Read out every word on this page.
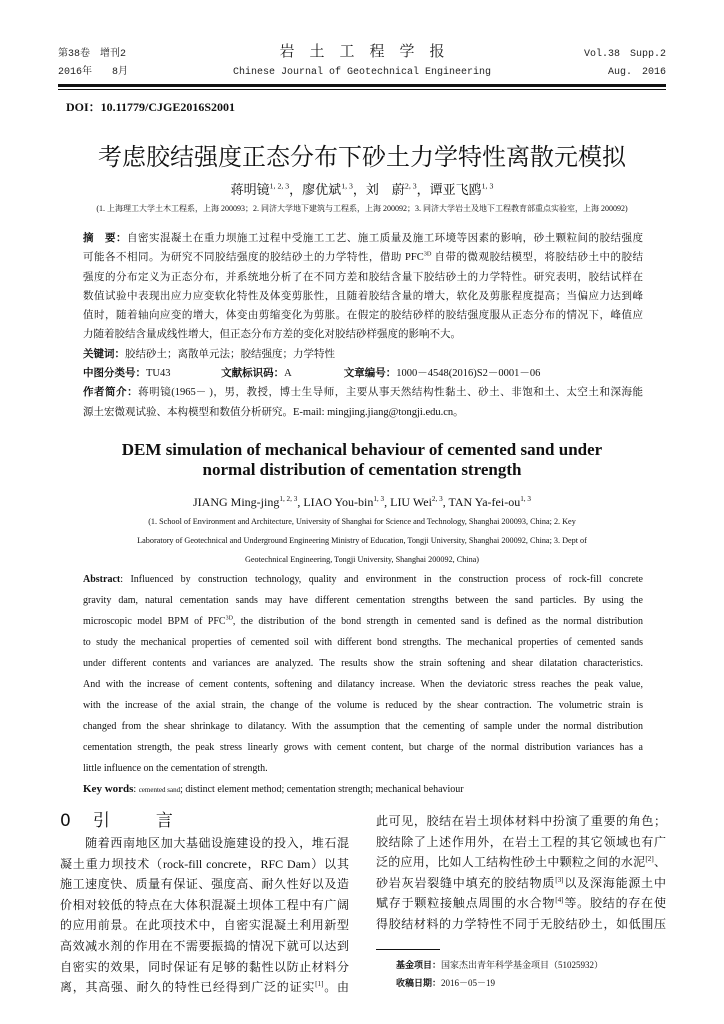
第38卷　增刊2	岩　土　工　程　学　报	Vol.38　Supp.2
2016年　　8月	Chinese Journal of Geotechnical Engineering	Aug.　2016
DOI：10.11779/CJGE2016S2001
考虑胶结强度正态分布下砂土力学特性离散元模拟
蒋明镜$^{1, 2, 3}$，廖优斌$^{1, 3}$，刘　蔚$^{2, 3}$，谭亚飞鸥$^{1, 3}$
(1. 上海理工大学土木工程系，上海 200093；2. 同济大学地下建筑与工程系，上海 200092；3. 同济大学岩土及地下工程教育部重点实验室，上海 200092)
摘　要：自密实混凝土在重力坝施工过程中受施工工艺、施工质量及施工环境等因素的影响，砂土颗粒间的胶结强度
可能各不相同。为研究不同胶结强度的胶结砂土的力学特性，借助 $PFC^{3D}$ 自带的微观胶结模型，将胶结砂土中的胶结
强度的分布定义为正态分布，并系统地分析了在不同方差和胶结含量下胶结砂土的力学特性。研究表明，胶结试样在
数值试验中表现出应力应变软化特性及体变剪胀性，且随着胶结含量的增大，软化及剪胀程度提高；当偏应力达到峰
值时，随着轴向应变的增大，体变由剪缩变化为剪胀。在假定的胶结砂样的胶结强度服从正态分布的情况下，峰值应
力随着胶结含量成线性增大，但正态分布方差的变化对胶结砂样强度的影响不大。
关键词：胶结砂土；离散单元法；胶结强度；力学特性
中图分类号：TU43	文献标识码：A	文章编号：1000－4548(2016)S2－0001－06
作者简介：蒋明镜(1965－ )，男，教授，博士生导师，主要从事天然结构性黏土、砂土、非饱和土、太空土和深海能
源土宏微观试验、本构模型和数值分析研究。E-mail: mingjing.jiang@tongji.edu.cn。
DEM simulation of mechanical behaviour of cemented sand under
normal distribution of cementation strength
JIANG Ming-jing$^{1, 2, 3}$, LIAO You-bin$^{1, 3}$, LIU Wei$^{2, 3}$, TAN Ya-fei-ou$^{1, 3}$
(1. School of Environment and Architecture, University of Shanghai for Science and Technology, Shanghai 200093, China; 2. Key
Laboratory of Geotechnical and Underground Engineering Ministry of Education, Tongji University, Shanghai 200092, China; 3. Dept of
Geotechnical Engineering, Tongji University, Shanghai 200092, China)
Abstract: Influenced by construction technology, quality and environment in the construction process of rock-fill concrete
gravity dam, natural cementation sands may have different cementation strengths between the sand particles. By using the
microscopic model BPM of $PFC^{3D}$, the distribution of the bond strength in cemented sand is defined as the normal distribution
to study the mechanical properties of cemented soil with different bond strengths. The mechanical properties of cemented sands
under different contents and variances are analyzed. The results show the strain softening and shear dilatation characteristics.
And with the increase of cement contents, softening and dilatancy increase. When the deviatoric stress reaches the peak value,
with the increase of the axial strain, the change of the volume is reduced by the shear contraction. The volumetric strain is
changed from the shear shrinkage to dilatancy. With the assumption that the cementing of sample under the normal distribution
cementation strength, the peak stress linearly grows with cement content, but charge of the normal distribution variances has a
little influence on the cementation of strength.
Key words: cemented sand; distinct element method; cementation strength; mechanical behaviour
0 引　　言
　　随着西南地区加大基础设施建设的投入，堆石混
凝土重力坝技术（rock-fill concrete，RFC Dam）以其
施工速度快、质量有保证、强度高、耐久性好以及造
价相对较低的特点在大体积混凝土坝体工程中有广阔
的应用前景。在此项技术中，自密实混凝土利用新型
高效减水剂的作用在不需要振捣的情况下就可以达到
自密实的效果，同时保证有足够的黏性以防止材料分
离，其高强、耐久的特性已经得到广泛的证实[1]。由
此可见，胶结在岩土坝体材料中扮演了重要的角色；
胶结除了上述作用外，在岩土工程的其它领域也有广
泛的应用，比如人工结构性砂土中颗粒之间的水泥[2]、
砂岩灰岩裂缝中填充的胶结物质[3]以及深海能源土中
赋存于颗粒接触点周围的水合物[4]等。胶结的存在使
得胶结材料的力学特性不同于无胶结砂土，如低围压
基金项目：国家杰出青年科学基金项目（51025932）
收稿日期：2016－05－19
